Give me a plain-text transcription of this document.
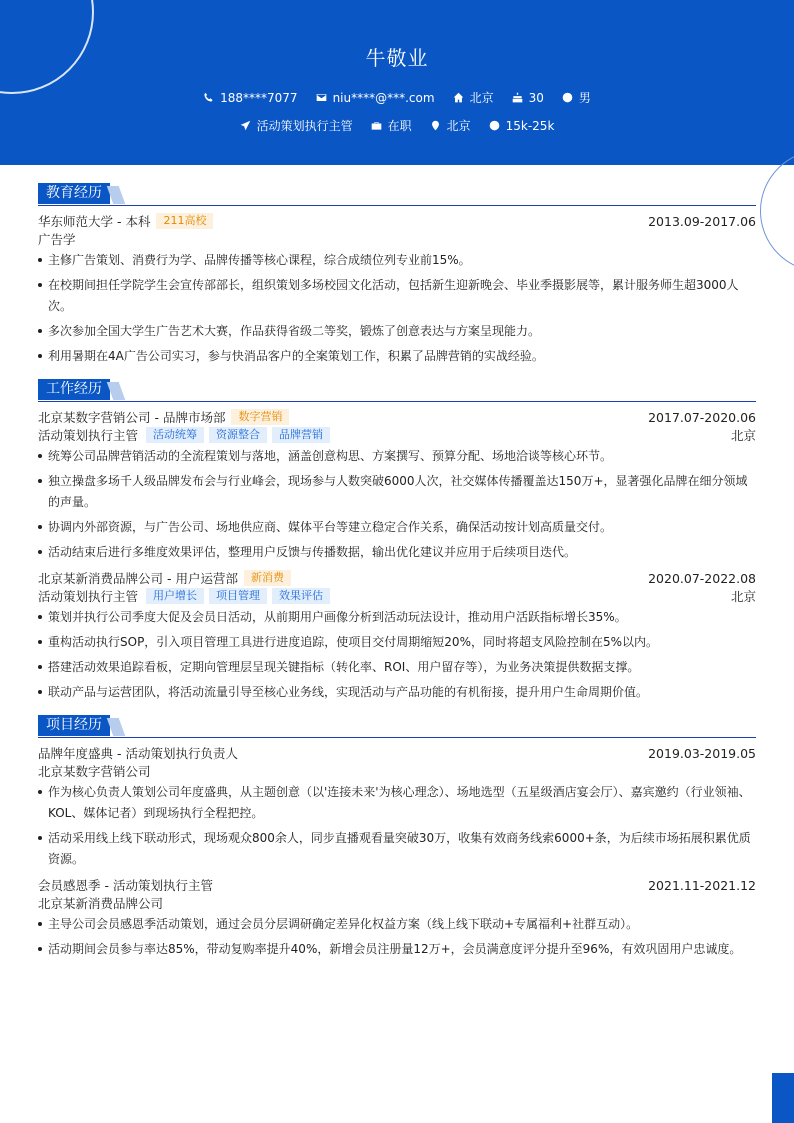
牛敬业
188****7077	niu****@***.com	北京	30	男
活动策划执行主管	在职	北京	15k-25k
教育经历
华东师范大学 - 本科	211高校	2013.09-2017.06
广告学
主修广告策划、消费行为学、品牌传播等核心课程，综合成绩位列专业前15%。
在校期间担任学院学生会宣传部部长，组织策划多场校园文化活动，包括新生迎新晚会、毕业季摄影展等，累计服务师生超3000人次。
多次参加全国大学生广告艺术大赛，作品获得省级二等奖，锻炼了创意表达与方案呈现能力。
利用暑期在4A广告公司实习，参与快消品客户的全案策划工作，积累了品牌营销的实战经验。
工作经历
北京某数字营销公司 - 品牌市场部	数字营销	2017.07-2020.06
活动策划执行主管	活动统筹	资源整合	品牌营销	北京
统筹公司品牌营销活动的全流程策划与落地，涵盖创意构思、方案撰写、预算分配、场地洽谈等核心环节。
独立操盘多场千人级品牌发布会与行业峰会，现场参与人数突破6000人次，社交媒体传播覆盖达150万+，显著强化品牌在细分领域的声量。
协调内外部资源，与广告公司、场地供应商、媒体平台等建立稳定合作关系，确保活动按计划高质量交付。
活动结束后进行多维度效果评估，整理用户反馈与传播数据，输出优化建议并应用于后续项目迭代。
北京某新消费品牌公司 - 用户运营部	新消费	2020.07-2022.08
活动策划执行主管	用户增长	项目管理	效果评估	北京
策划并执行公司季度大促及会员日活动，从前期用户画像分析到活动玩法设计，推动用户活跃指标增长35%。
重构活动执行SOP，引入项目管理工具进行进度追踪，使项目交付周期缩短20%，同时将超支风险控制在5%以内。
搭建活动效果追踪看板，定期向管理层呈现关键指标（转化率、ROI、用户留存等），为业务决策提供数据支撑。
联动产品与运营团队，将活动流量引导至核心业务线，实现活动与产品功能的有机衔接，提升用户生命周期价值。
项目经历
品牌年度盛典 - 活动策划执行负责人	2019.03-2019.05
北京某数字营销公司
作为核心负责人策划公司年度盛典，从主题创意（以'连接未来'为核心理念）、场地选型（五星级酒店宴会厅）、嘉宾邀约（行业领袖、KOL、媒体记者）到现场执行全程把控。
活动采用线上线下联动形式，现场观众800余人，同步直播观看量突破30万，收集有效商务线索6000+条，为后续市场拓展积累优质资源。
会员感恩季 - 活动策划执行主管	2021.11-2021.12
北京某新消费品牌公司
主导公司会员感恩季活动策划，通过会员分层调研确定差异化权益方案（线上线下联动+专属福利+社群互动）。
活动期间会员参与率达85%，带动复购率提升40%，新增会员注册量12万+，会员满意度评分提升至96%，有效巩固用户忠诚度。
